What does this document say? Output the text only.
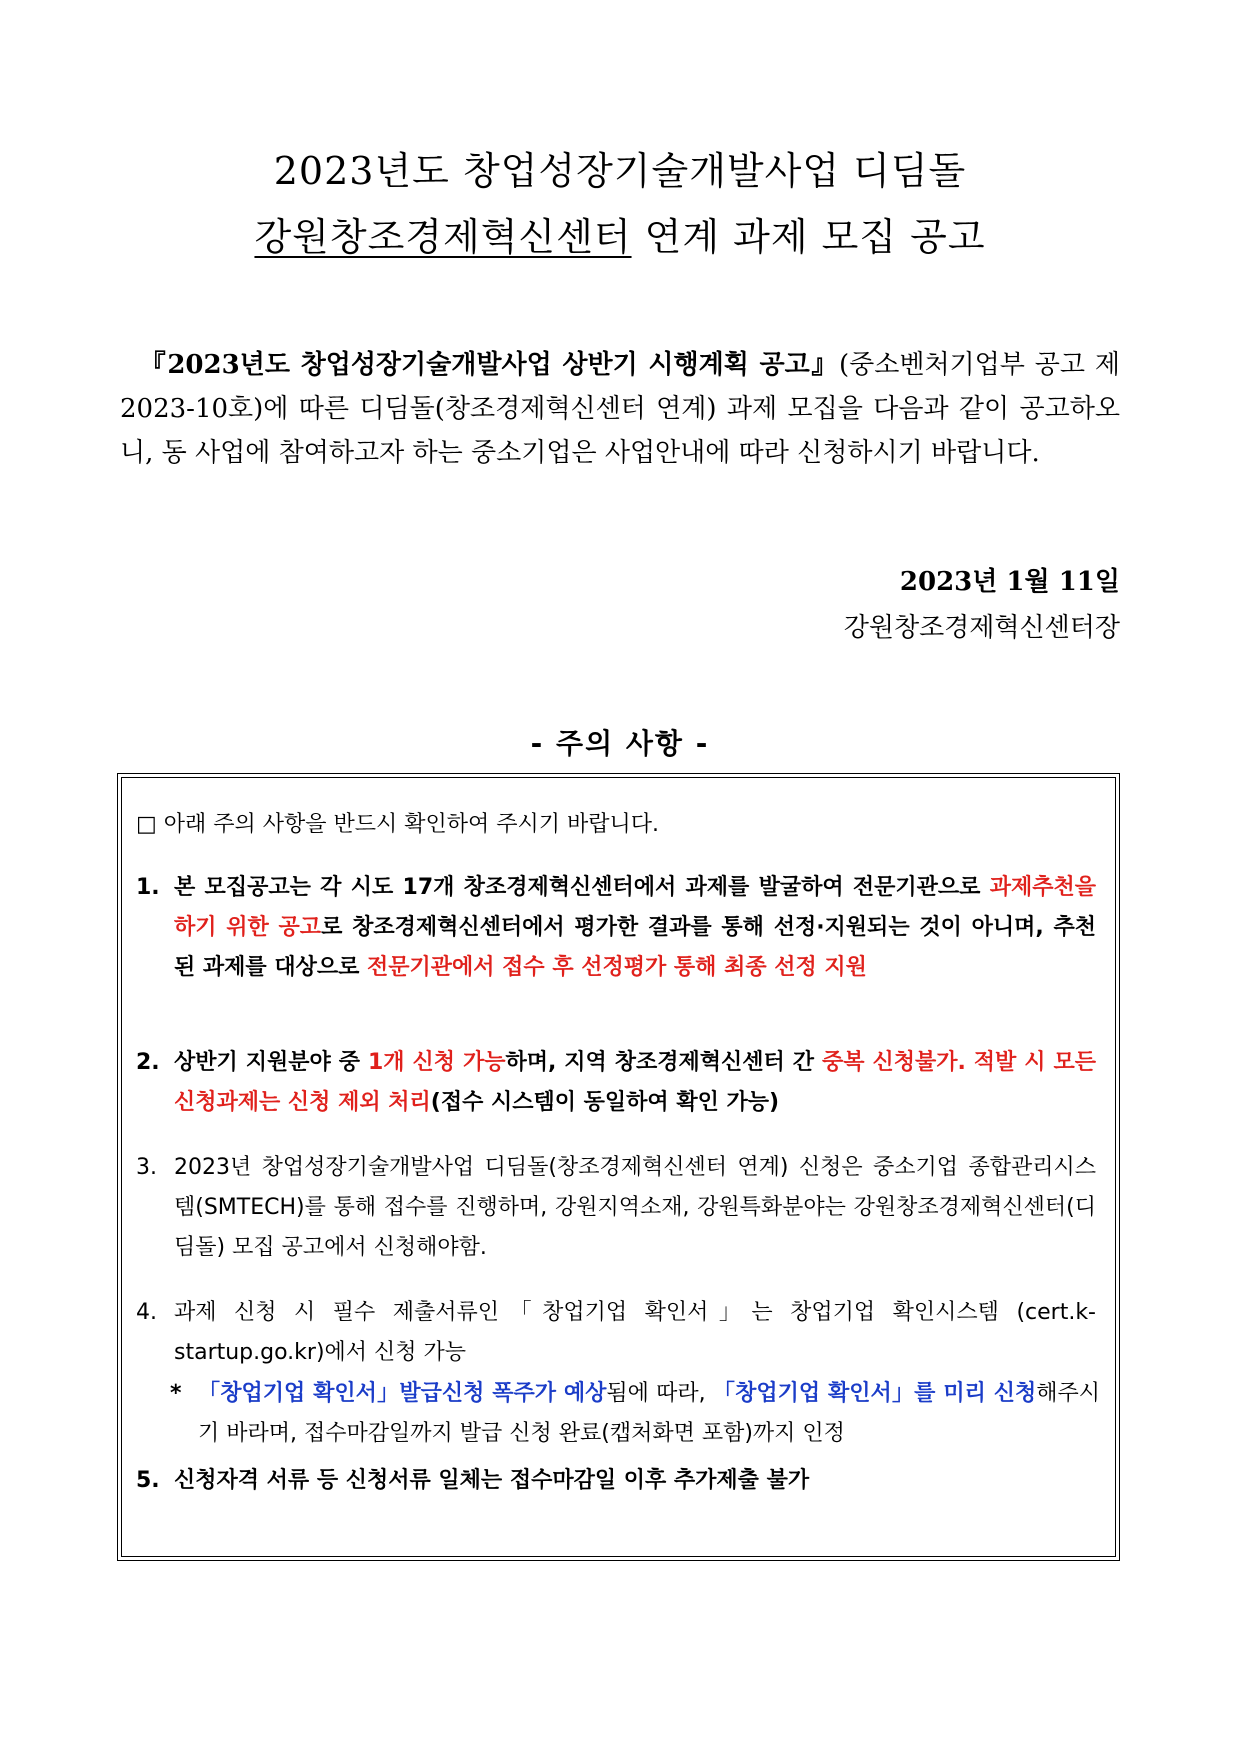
2023년도 창업성장기술개발사업 디딤돌
강원창조경제혁신센터 연계 과제 모집 공고
『2023년도 창업성장기술개발사업 상반기 시행계획 공고』(중소벤처기업부 공고 제2023-10호)에 따른 디딤돌(창조경제혁신센터 연계) 과제 모집을 다음과 같이 공고하오니, 동 사업에 참여하고자 하는 중소기업은 사업안내에 따라 신청하시기 바랍니다.
2023년 1월 11일
강원창조경제혁신센터장
- 주의 사항 -
□ 아래 주의 사항을 반드시 확인하여 주시기 바랍니다.
1. 본 모집공고는 각 시도 17개 창조경제혁신센터에서 과제를 발굴하여 전문기관으로 과제추천을 하기 위한 공고로 창조경제혁신센터에서 평가한 결과를 통해 선정·지원되는 것이 아니며, 추천된 과제를 대상으로 전문기관에서 접수 후 선정평가 통해 최종 선정 지원
2. 상반기 지원분야 중 1개 신청 가능하며, 지역 창조경제혁신센터 간 중복 신청불가. 적발 시 모든 신청과제는 신청 제외 처리(접수 시스템이 동일하여 확인 가능)
3. 2023년 창업성장기술개발사업 디딤돌(창조경제혁신센터 연계) 신청은 중소기업 종합관리시스템(SMTECH)를 통해 접수를 진행하며, 강원지역소재, 강원특화분야는 강원창조경제혁신센터(디딤돌) 모집 공고에서 신청해야함.
4. 과제 신청 시 필수 제출서류인「창업기업 확인서」는 창업기업 확인시스템 (cert.k-startup.go.kr)에서 신청 가능
* 「창업기업 확인서」발급신청 폭주가 예상됨에 따라, 「창업기업 확인서」를 미리 신청해주시기 바라며, 접수마감일까지 발급 신청 완료(캡처화면 포함)까지 인정
5. 신청자격 서류 등 신청서류 일체는 접수마감일 이후 추가제출 불가
